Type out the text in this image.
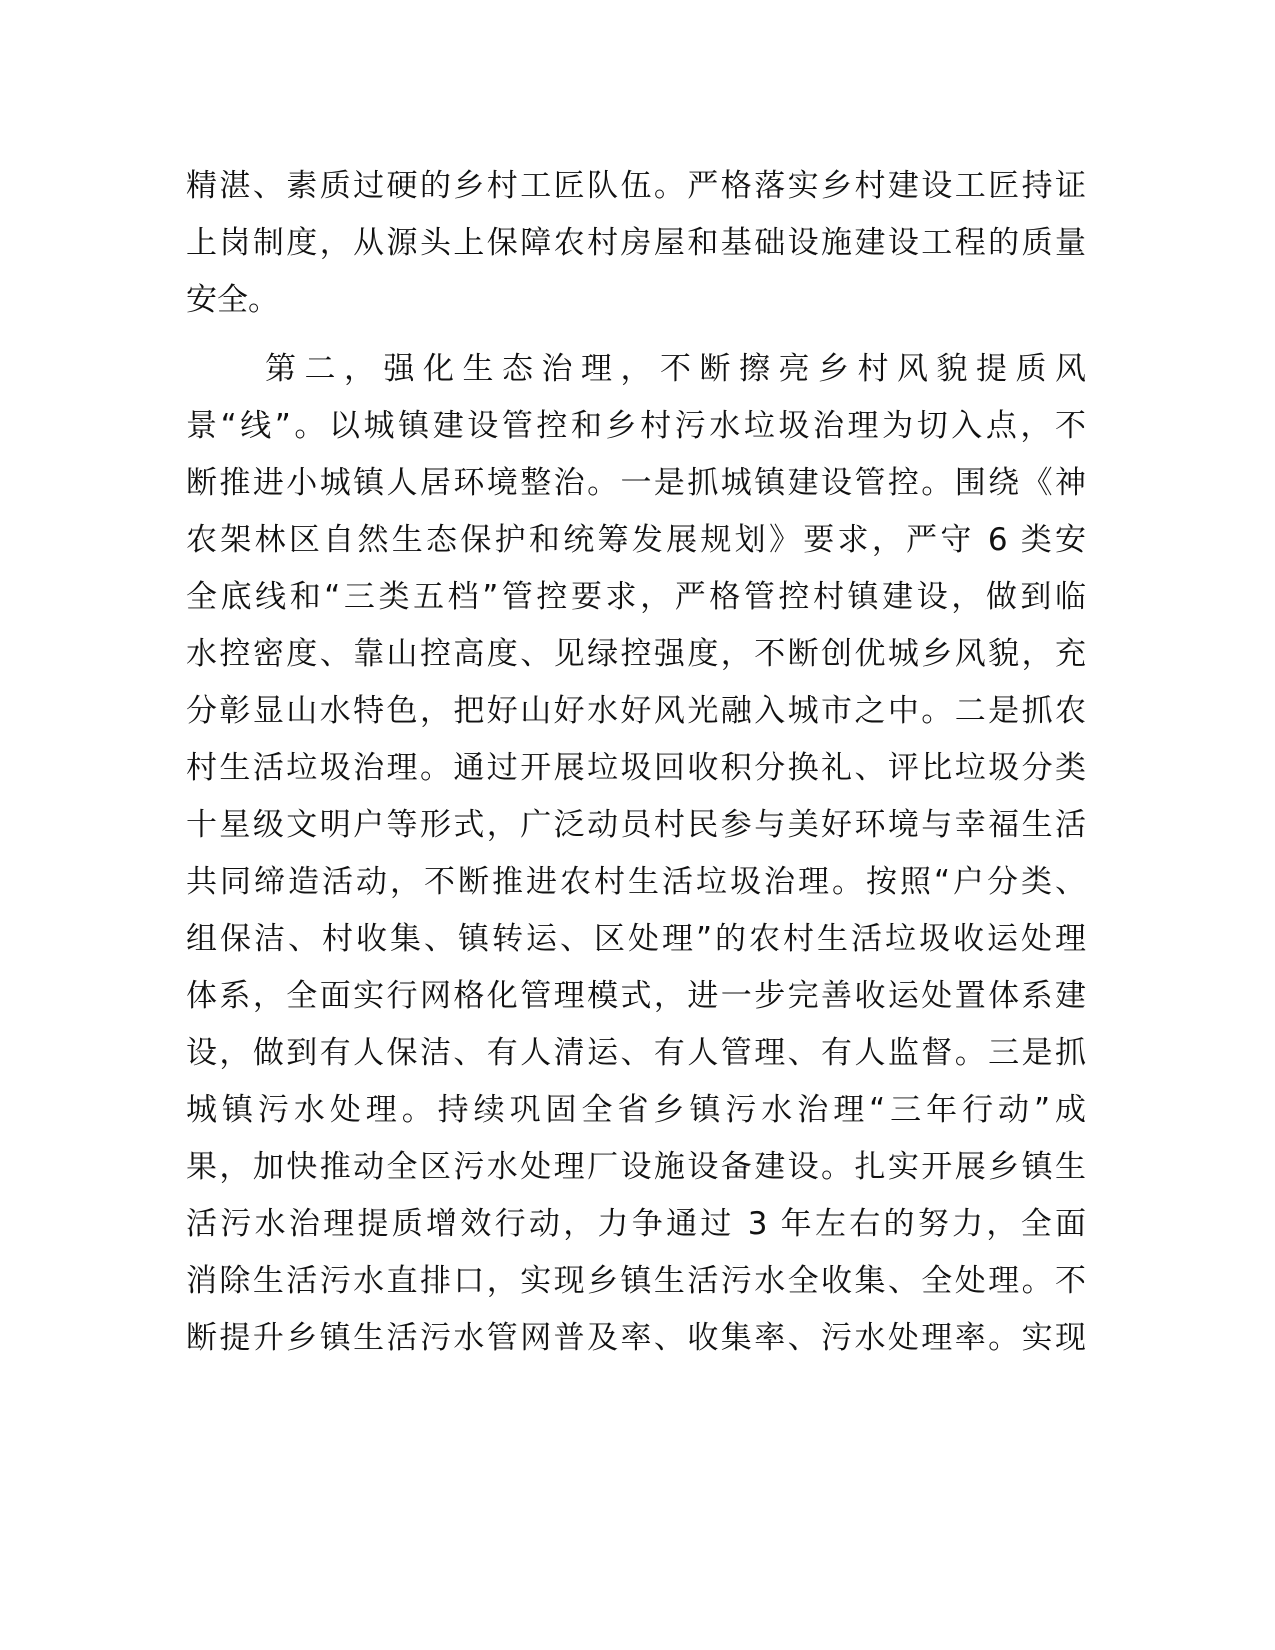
精湛、素质过硬的乡村工匠队伍。严格落实乡村建设工匠持证
上岗制度，从源头上保障农村房屋和基础设施建设工程的质量
安全。
　　第二，强化生态治理，不断擦亮乡村风貌提质风
景“线”。以城镇建设管控和乡村污水垃圾治理为切入点，不
断推进小城镇人居环境整治。一是抓城镇建设管控。围绕《神
农架林区自然生态保护和统筹发展规划》要求，严守 6 类安
全底线和“三类五档”管控要求，严格管控村镇建设，做到临
水控密度、靠山控高度、见绿控强度，不断创优城乡风貌，充
分彰显山水特色，把好山好水好风光融入城市之中。二是抓农
村生活垃圾治理。通过开展垃圾回收积分换礼、评比垃圾分类
十星级文明户等形式，广泛动员村民参与美好环境与幸福生活
共同缔造活动，不断推进农村生活垃圾治理。按照“户分类、
组保洁、村收集、镇转运、区处理”的农村生活垃圾收运处理
体系，全面实行网格化管理模式，进一步完善收运处置体系建
设，做到有人保洁、有人清运、有人管理、有人监督。三是抓
城镇污水处理。持续巩固全省乡镇污水治理“三年行动”成
果，加快推动全区污水处理厂设施设备建设。扎实开展乡镇生
活污水治理提质增效行动，力争通过 3 年左右的努力，全面
消除生活污水直排口，实现乡镇生活污水全收集、全处理。不
断提升乡镇生活污水管网普及率、收集率、污水处理率。实现
